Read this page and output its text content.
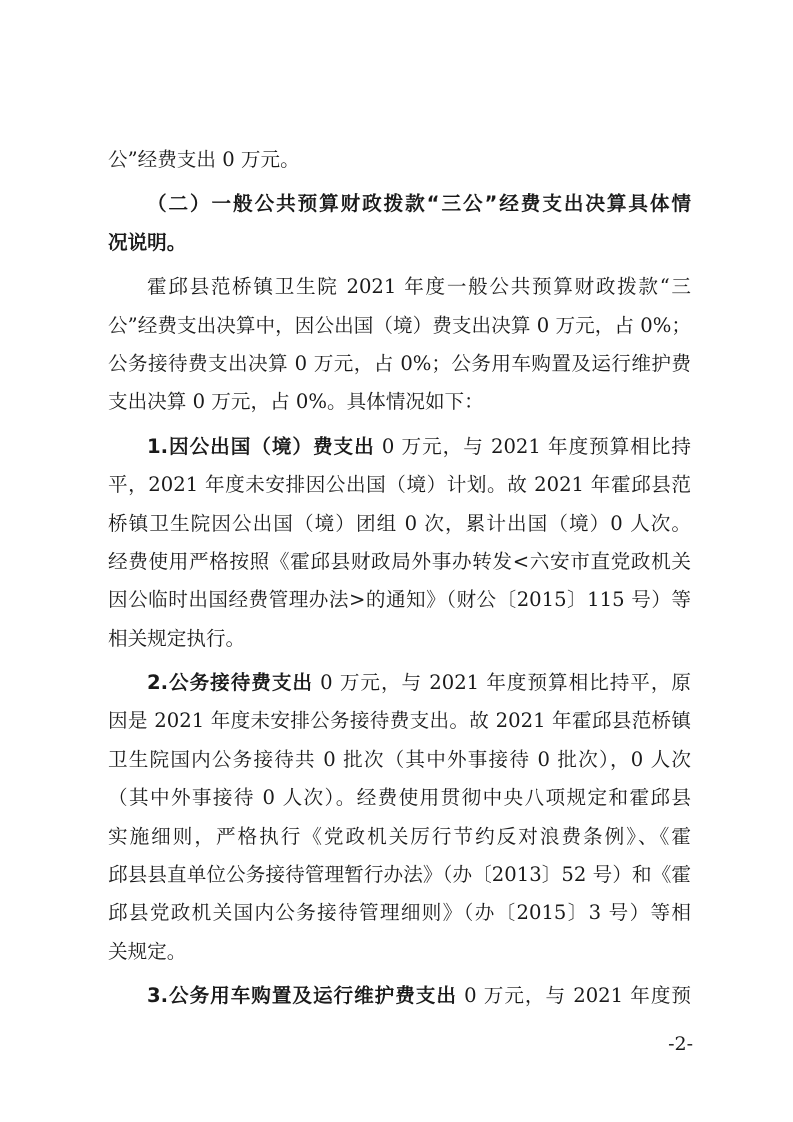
公”经费支出 0 万元。
（二）一般公共预算财政拨款“三公”经费支出决算具体情
况说明。
霍邱县范桥镇卫生院 2021 年度一般公共预算财政拨款“三
公”经费支出决算中，因公出国（境）费支出决算 0 万元，占 0%；
公务接待费支出决算 0 万元，占 0%；公务用车购置及运行维护费
支出决算 0 万元，占 0%。具体情况如下：
1.因公出国（境）费支出 0 万元，与 2021 年度预算相比持
平，2021 年度未安排因公出国（境）计划。故 2021 年霍邱县范
桥镇卫生院因公出国（境）团组 0 次，累计出国（境）0 人次。
经费使用严格按照《霍邱县财政局外事办转发<六安市直党政机关
因公临时出国经费管理办法>的通知》（财公〔2015〕115 号）等
相关规定执行。
2.公务接待费支出 0 万元，与 2021 年度预算相比持平，原
因是 2021 年度未安排公务接待费支出。故 2021 年霍邱县范桥镇
卫生院国内公务接待共 0 批次（其中外事接待 0 批次），0 人次
（其中外事接待 0 人次）。经费使用贯彻中央八项规定和霍邱县
实施细则，严格执行《党政机关厉行节约反对浪费条例》、《霍
邱县县直单位公务接待管理暂行办法》（办〔2013〕52 号）和《霍
邱县党政机关国内公务接待管理细则》（办〔2015〕3 号）等相
关规定。
3.公务用车购置及运行维护费支出 0 万元，与 2021 年度预
-2-
